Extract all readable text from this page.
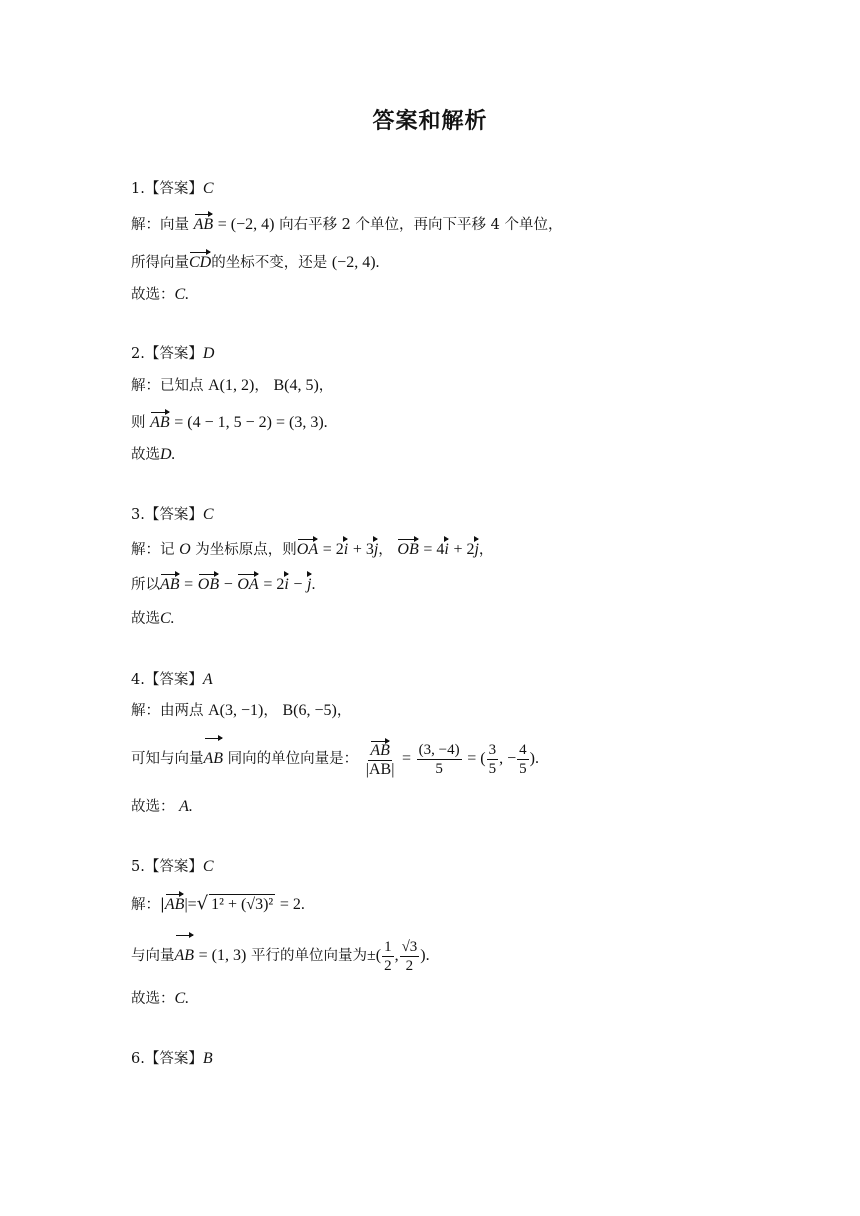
答案和解析
1.【答案】C
解：向量 AB = (−2, 4) 向右平移 2 个单位，再向下平移 4 个单位，
所得向量CD的坐标不变，还是 (−2, 4).
故选：C.
2.【答案】D
解：已知点 A(1, 2)， B(4, 5)，
则 AB = (4 − 1, 5 − 2) = (3, 3).
故选D.
3.【答案】C
解：记 O 为坐标原点，则OA = 2i + 3j， OB = 4i + 2j，
所以AB = OB − OA = 2i − j.
故选C.
4.【答案】A
解：由两点 A(3, −1)， B(6, −5)，
可知与向量AB 同向的单位向量是： $\frac{AB}{|AB|} = \frac{(3, -4)}{5}$ = ( $\frac{3}{5}$ , − $\frac{4}{5}$ ).
故选： A.
5.【答案】C
解：|AB|=√ 1² + (√3)² = 2.
与向量AB = (1, 3) 平行的单位向量为±( $\frac{1}{2}$ , $\frac{√3}{2}$ ).
故选：C.
6.【答案】B
